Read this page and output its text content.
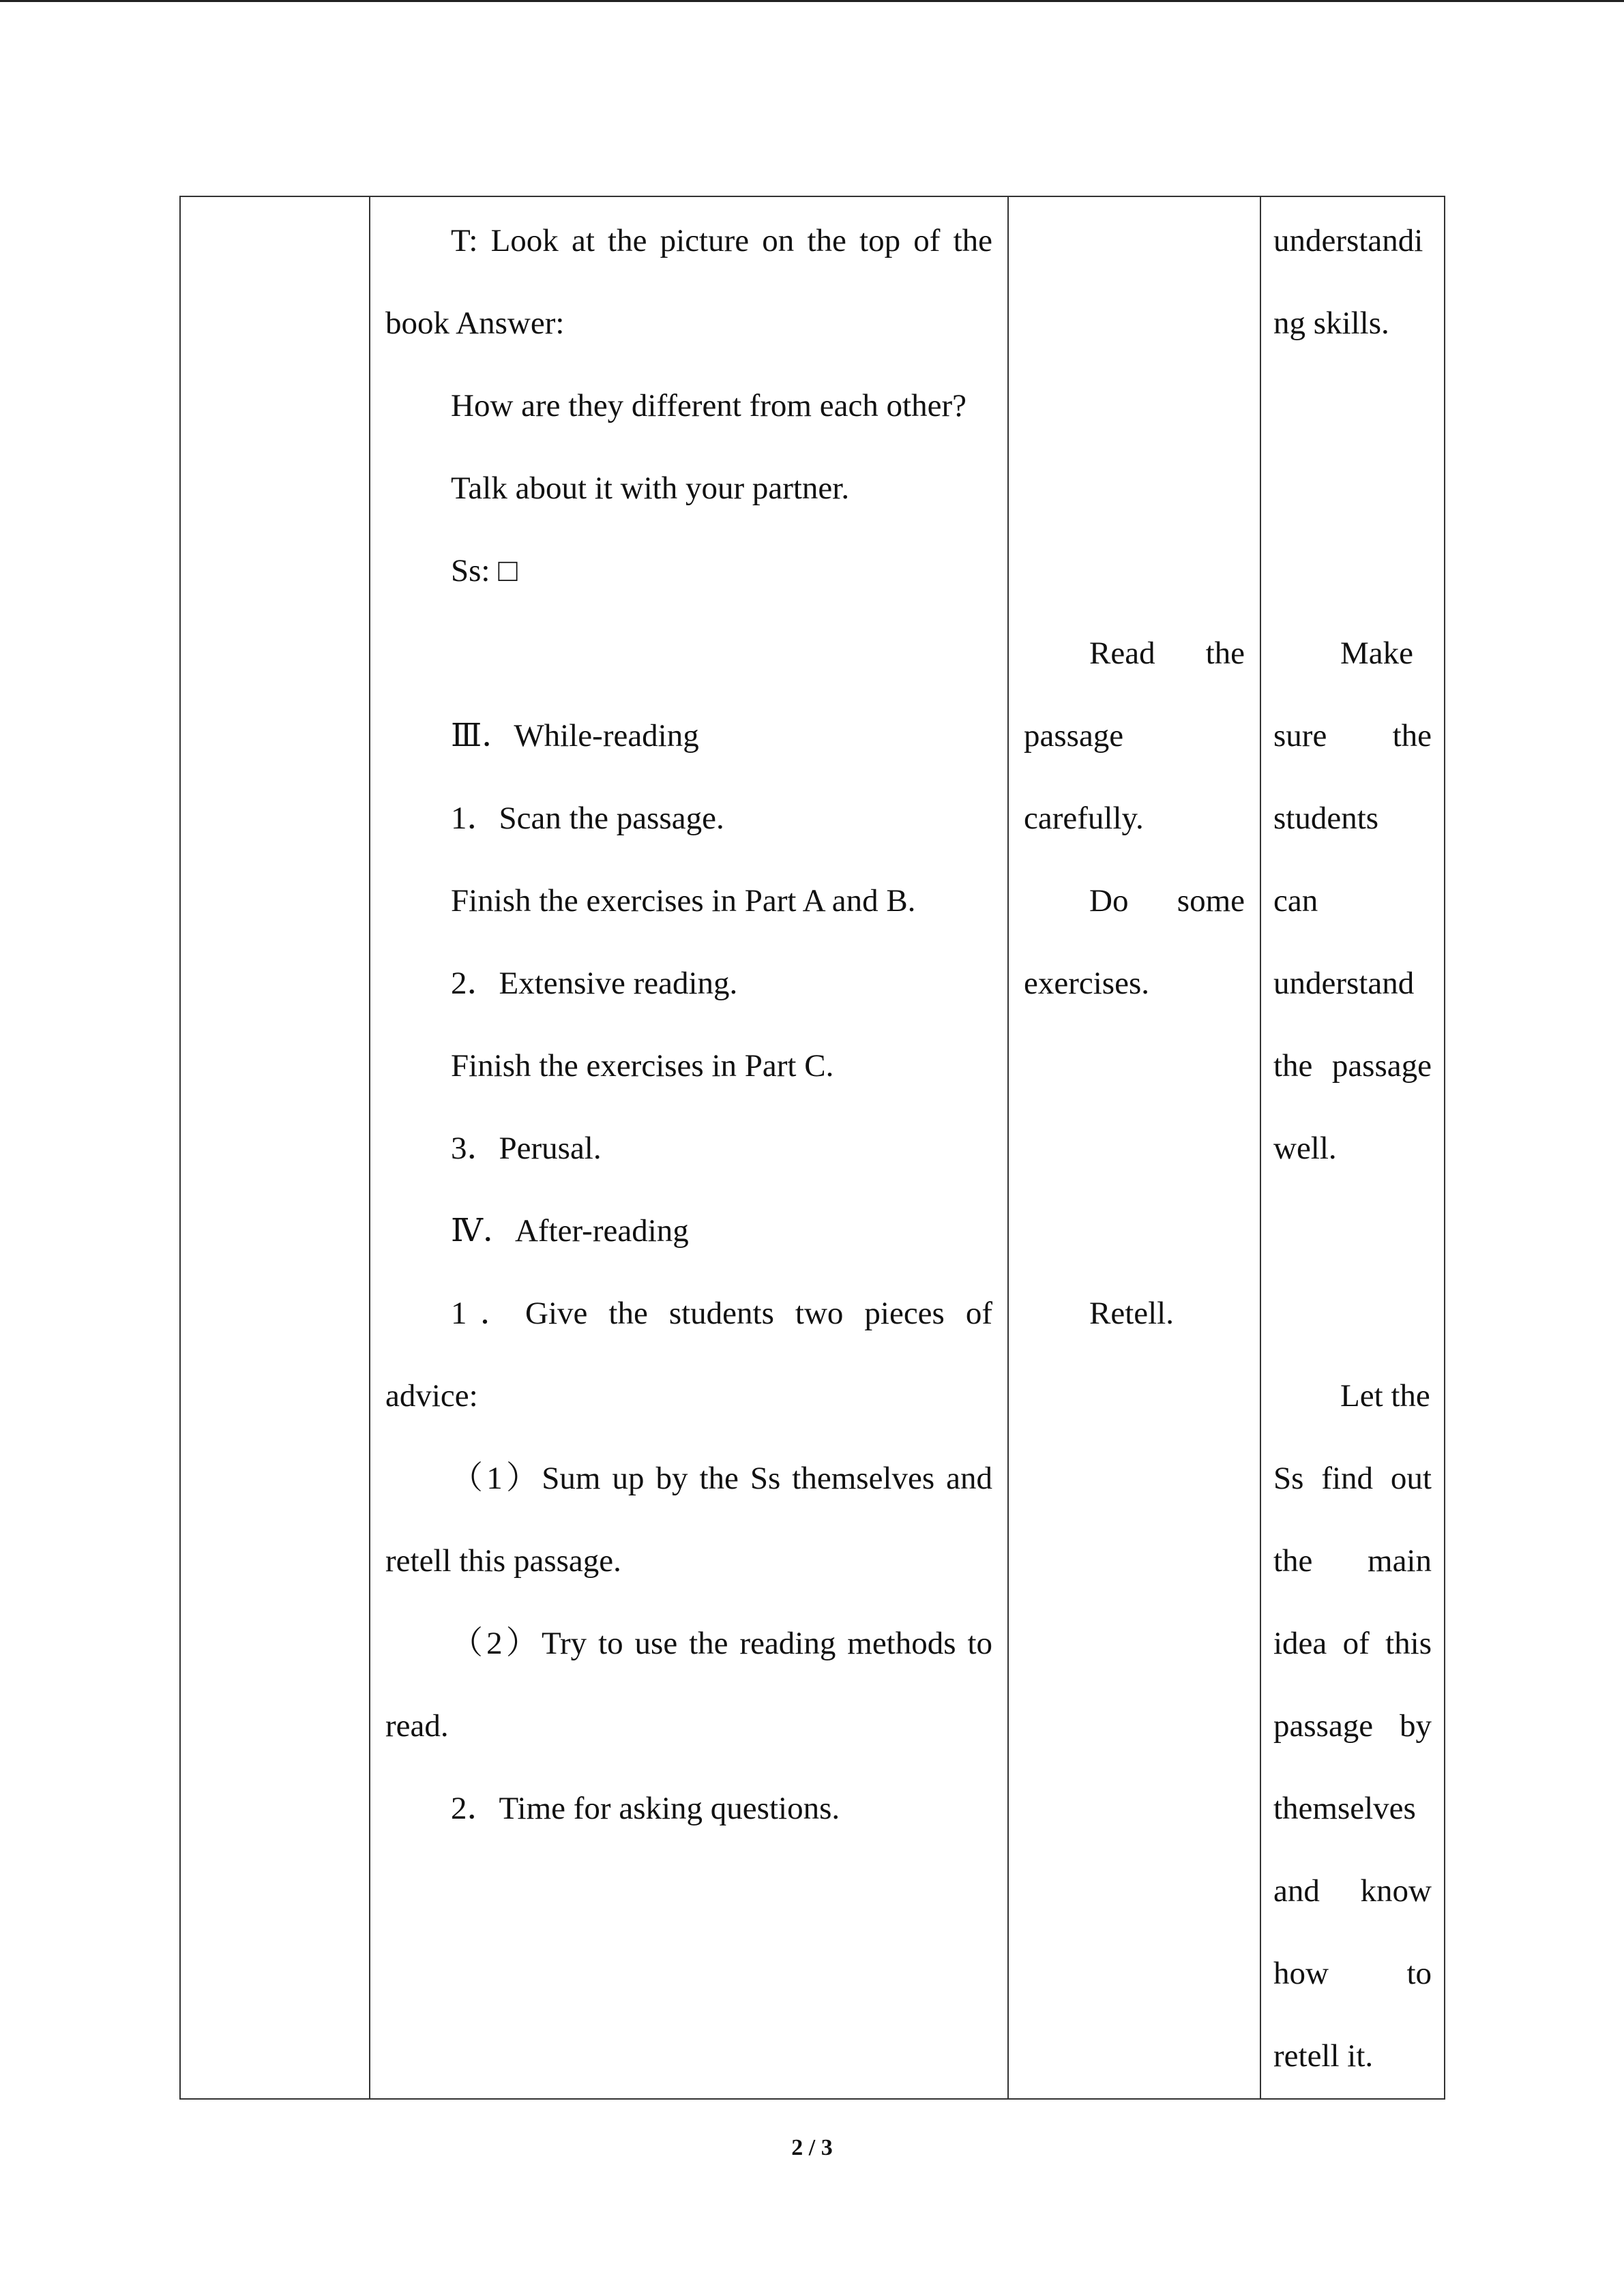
T: Look at the picture on the top of the
book Answer:
How are they different from each other?
Talk about it with your partner.
Ss: □
Ⅲ．While-reading
1．Scan the passage.
Finish the exercises in Part A and B.
2．Extensive reading.
Finish the exercises in Part C.
3．Perusal.
Ⅳ．After-reading
1．Give the students two pieces of
advice:
（1）Sum up by the Ss themselves and
retell this passage.
（2）Try to use the reading methods to
read.
2．Time for asking questions.
Read the
passage
carefully.
Do some
exercises.
Retell.
understandi
ng skills.
Make
sure the
students
can
understand
the passage
well.
Let the
Ss find out
the main
idea of this
passage by
themselves
and know
how to
retell it.
2 / 3
